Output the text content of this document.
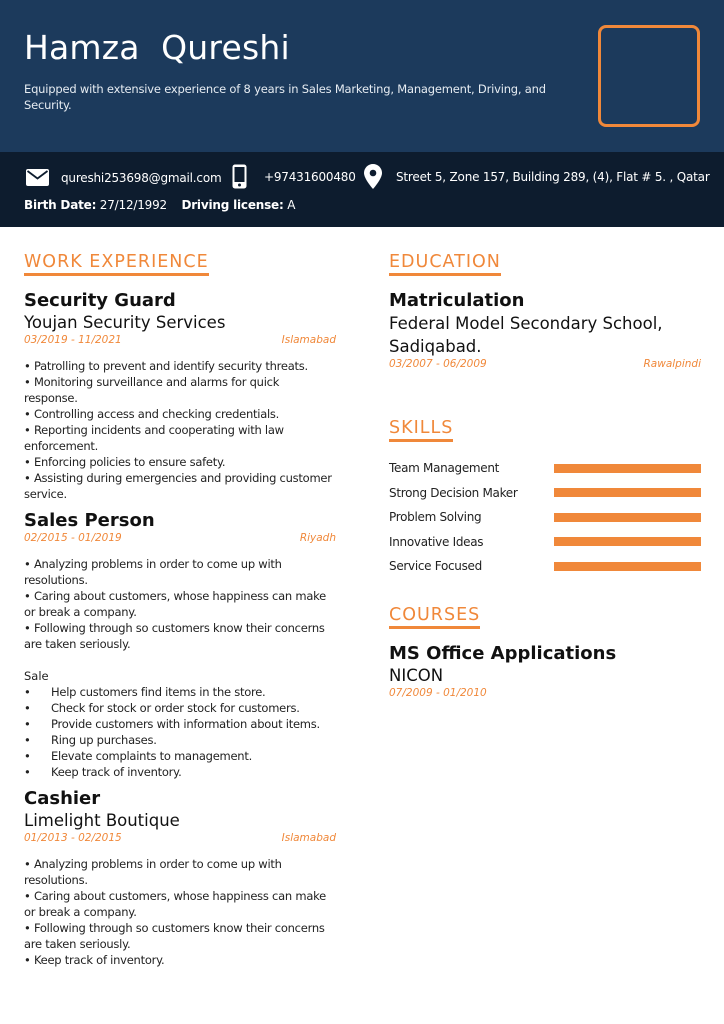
Hamza  Qureshi
Equipped with extensive experience of 8 years in Sales Marketing, Management, Driving, and Security.
qureshi253698@gmail.com	+97431600480	Street 5, Zone 157, Building 289, (4), Flat # 5. , Qatar
Birth Date: 27/12/1992 Driving license: A
WORK EXPERIENCE
Security Guard
Youjan Security Services
03/2019 - 11/2021	Islamabad
• Patrolling to prevent and identify security threats.
• Monitoring surveillance and alarms for quick response.
• Controlling access and checking credentials.
• Reporting incidents and cooperating with law enforcement.
• Enforcing policies to ensure safety.
• Assisting during emergencies and providing customer service.
Sales Person
02/2015 - 01/2019	Riyadh
• Analyzing problems in order to come up with resolutions.
• Caring about customers, whose happiness can make or break a company.
• Following through so customers know their concerns are taken seriously.
Sale
•	Help customers find items in the store.
•	Check for stock or order stock for customers.
•	Provide customers with information about items.
•	Ring up purchases.
•	Elevate complaints to management.
•	Keep track of inventory.
Cashier
Limelight Boutique
01/2013 - 02/2015	Islamabad
• Analyzing problems in order to come up with resolutions.
• Caring about customers, whose happiness can make or break a company.
• Following through so customers know their concerns are taken seriously.
• Keep track of inventory.
EDUCATION
Matriculation
Federal Model Secondary School, Sadiqabad.
03/2007 - 06/2009	Rawalpindi
SKILLS
Team Management
Strong Decision Maker
Problem Solving
Innovative Ideas
Service Focused
COURSES
MS Office Applications
NICON
07/2009 - 01/2010
